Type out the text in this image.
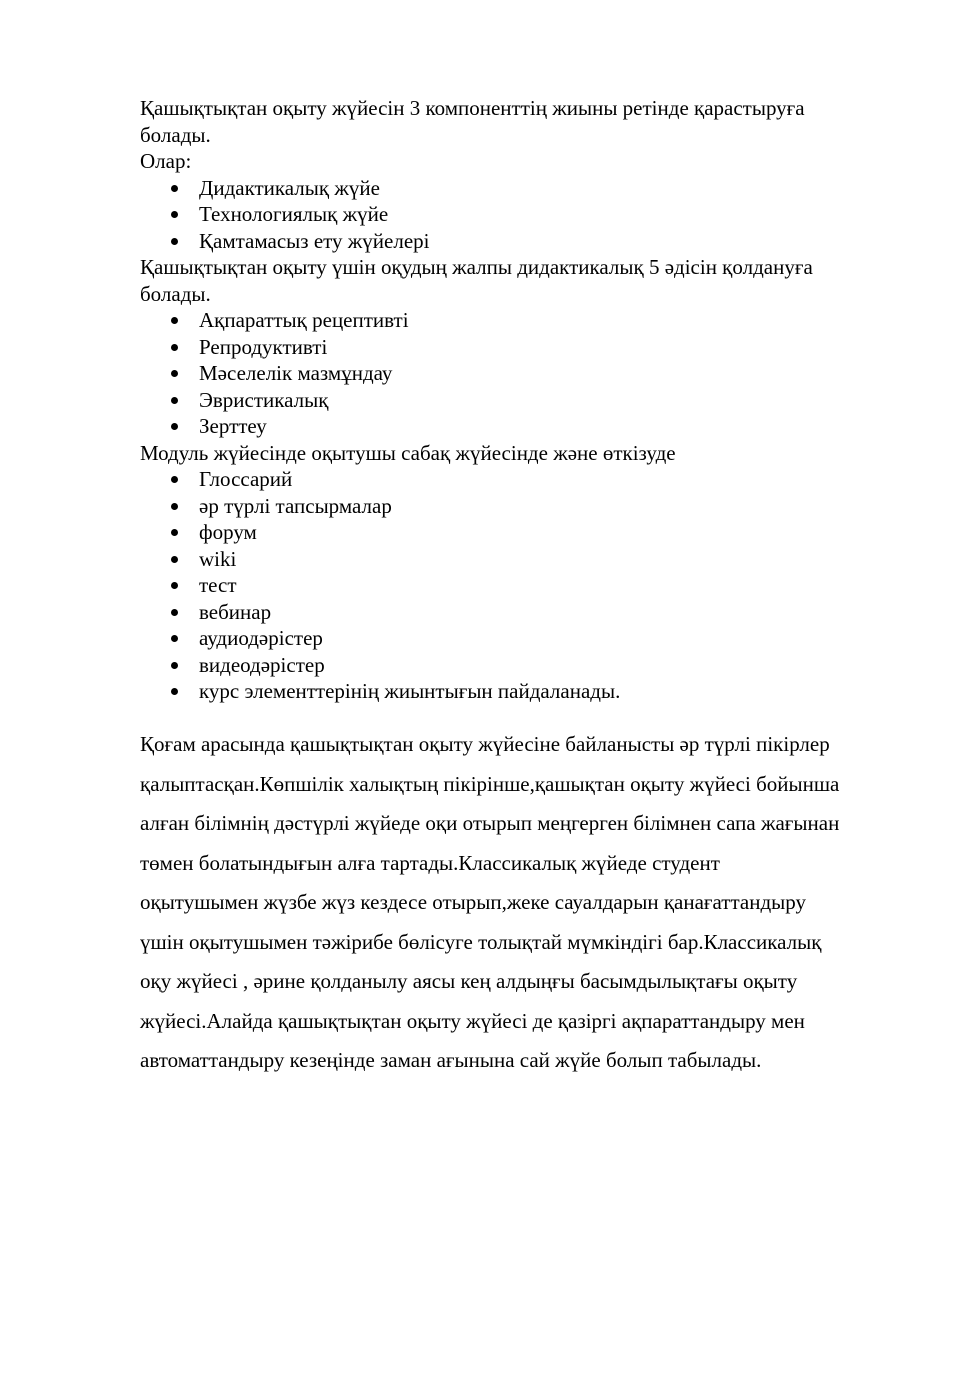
Қашықтықтан оқыту жүйесін 3 компоненттің жиыны ретінде қарастыруға
болады.
Олар:
Дидактикалық жүйе
Технологиялық жүйе
Қамтамасыз ету жүйелері
Қашықтықтан оқыту үшін оқудың жалпы дидактикалық 5 әдісін қолдануға
болады.
Ақпараттық рецептивті
Репродуктивті
Мәселелік мазмұндау
Эвристикалық
Зерттеу
Модуль жүйесінде оқытушы сабақ жүйесінде және өткізуде
Глоссарий
әр түрлі тапсырмалар
форум
wiki
тест
вебинар
аудиодәрістер
видеодәрістер
курс элементтерінің жиынтығын пайдаланады.
Қоғам арасында қашықтықтан оқыту жүйесіне байланысты әр түрлі пікірлер
қалыптасқан.Көпшілік халықтың пікірінше,қашықтан оқыту жүйесі бойынша
алған білімнің дәстүрлі жүйеде оқи отырып меңгерген білімнен сапа жағынан
төмен болатындығын алға тартады.Классикалық жүйеде студент
оқытушымен жүзбе жүз кездесе отырып,жеке сауалдарын қанағаттандыру
үшін оқытушымен тәжірибе бөлісуге толықтай мүмкіндігі бар.Классикалық
оқу жүйесі , әрине қолданылу аясы кең алдыңғы басымдылықтағы оқыту
жүйесі.Алайда қашықтықтан оқыту жүйесі де қазіргі ақпараттандыру мен
автоматтандыру кезеңінде заман ағынына сай жүйе болып табылады.
